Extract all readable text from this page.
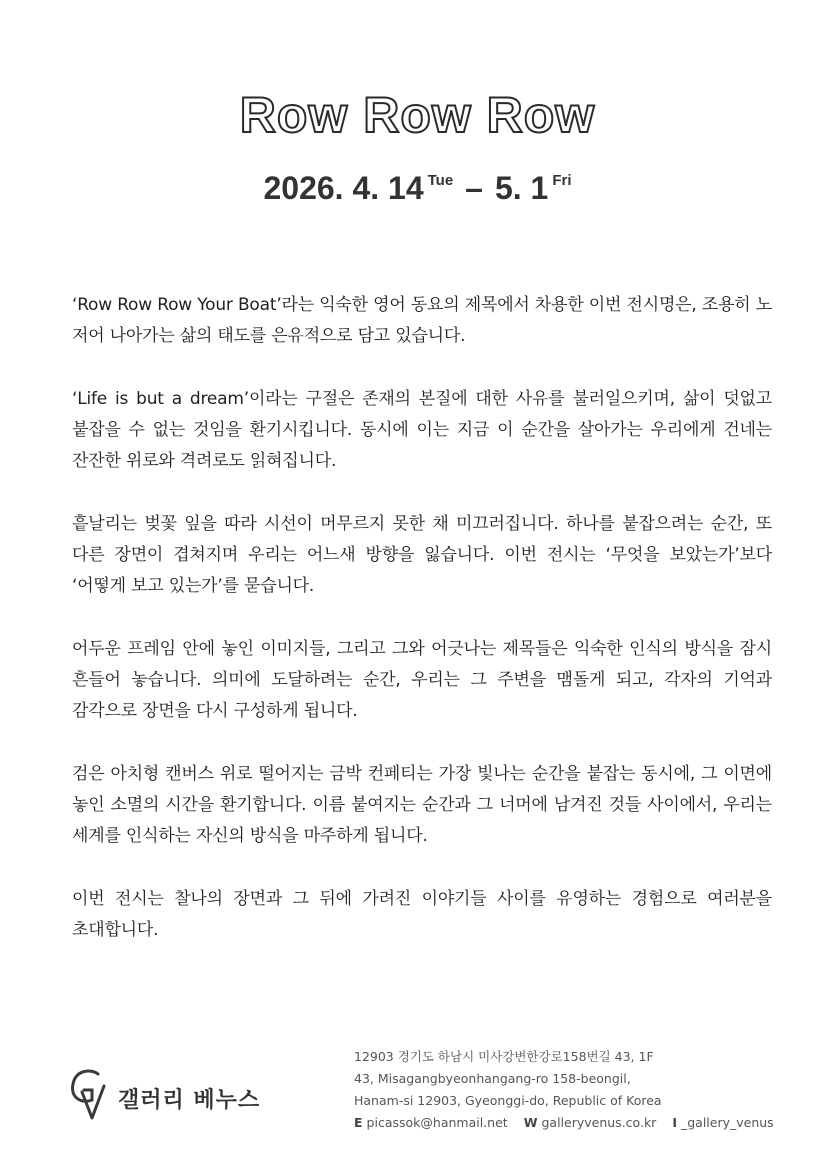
Row Row Row
2026. 4. 14 Tue – 5. 1 Fri

‘Row Row Row Your Boat’라는 익숙한 영어 동요의 제목에서 차용한 이번 전시명은, 조용히 노 저어 나아가는 삶의 태도를 은유적으로 담고 있습니다.

‘Life is but a dream’이라는 구절은 존재의 본질에 대한 사유를 불러일으키며, 삶이 덧없고 붙잡을 수 없는 것임을 환기시킵니다. 동시에 이는 지금 이 순간을 살아가는 우리에게 건네는 잔잔한 위로와 격려로도 읽혀집니다.

흩날리는 벚꽃 잎을 따라 시선이 머무르지 못한 채 미끄러집니다. 하나를 붙잡으려는 순간, 또 다른 장면이 겹쳐지며 우리는 어느새 방향을 잃습니다. 이번 전시는 ‘무엇을 보았는가’보다 ‘어떻게 보고 있는가’를 묻습니다.

어두운 프레임 안에 놓인 이미지들, 그리고 그와 어긋나는 제목들은 익숙한 인식의 방식을 잠시 흔들어 놓습니다. 의미에 도달하려는 순간, 우리는 그 주변을 맴돌게 되고, 각자의 기억과 감각으로 장면을 다시 구성하게 됩니다.

검은 아치형 캔버스 위로 떨어지는 금박 컨페티는 가장 빛나는 순간을 붙잡는 동시에, 그 이면에 놓인 소멸의 시간을 환기합니다. 이름 붙여지는 순간과 그 너머에 남겨진 것들 사이에서, 우리는 세계를 인식하는 자신의 방식을 마주하게 됩니다.

이번 전시는 찰나의 장면과 그 뒤에 가려진 이야기들 사이를 유영하는 경험으로 여러분을 초대합니다.

갤러리 베누스
12903 경기도 하남시 미사강변한강로158번길 43, 1F
43, Misagangbyeonhangang-ro 158-beongil,
Hanam-si 12903, Gyeonggi-do, Republic of Korea
E picassok@hanmail.net W galleryvenus.co.kr I _gallery_venus
